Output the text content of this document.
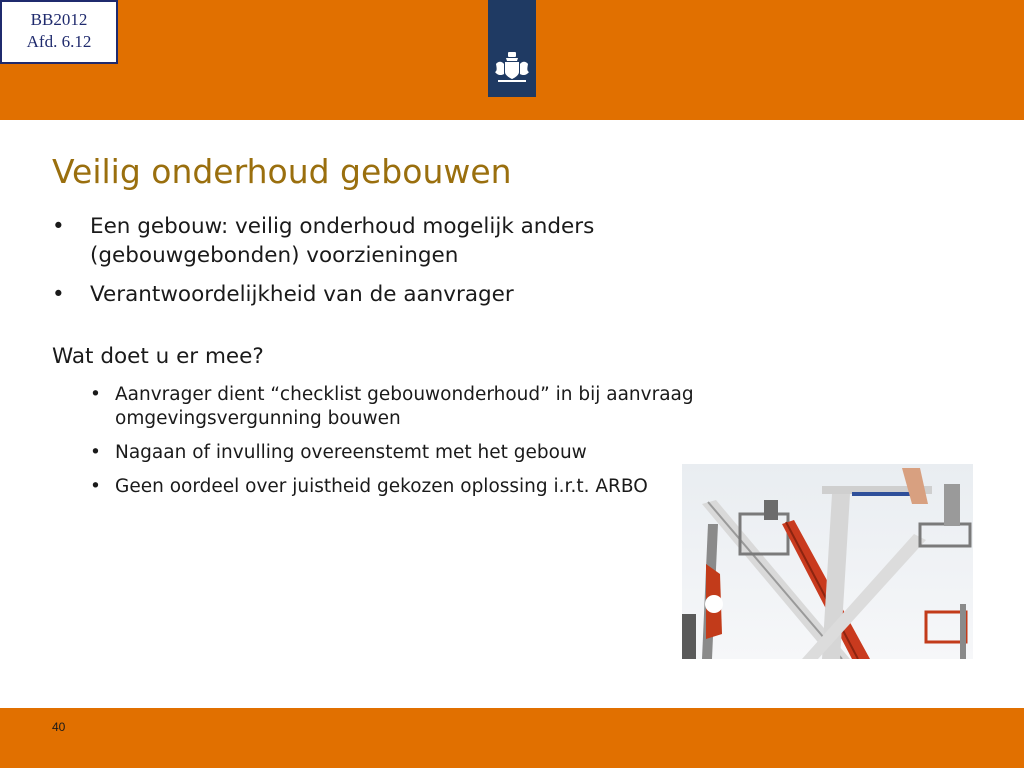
BB2012
Afd. 6.12
Veilig onderhoud gebouwen
• Een gebouw: veilig onderhoud mogelijk anders (gebouwgebonden) voorzieningen
• Verantwoordelijkheid van de aanvrager
Wat doet u er mee?
• Aanvrager dient “checklist gebouwonderhoud” in bij aanvraag omgevingsvergunning bouwen
• Nagaan of invulling overeenstemt met het gebouw
• Geen oordeel over juistheid gekozen oplossing i.r.t. ARBO
40
